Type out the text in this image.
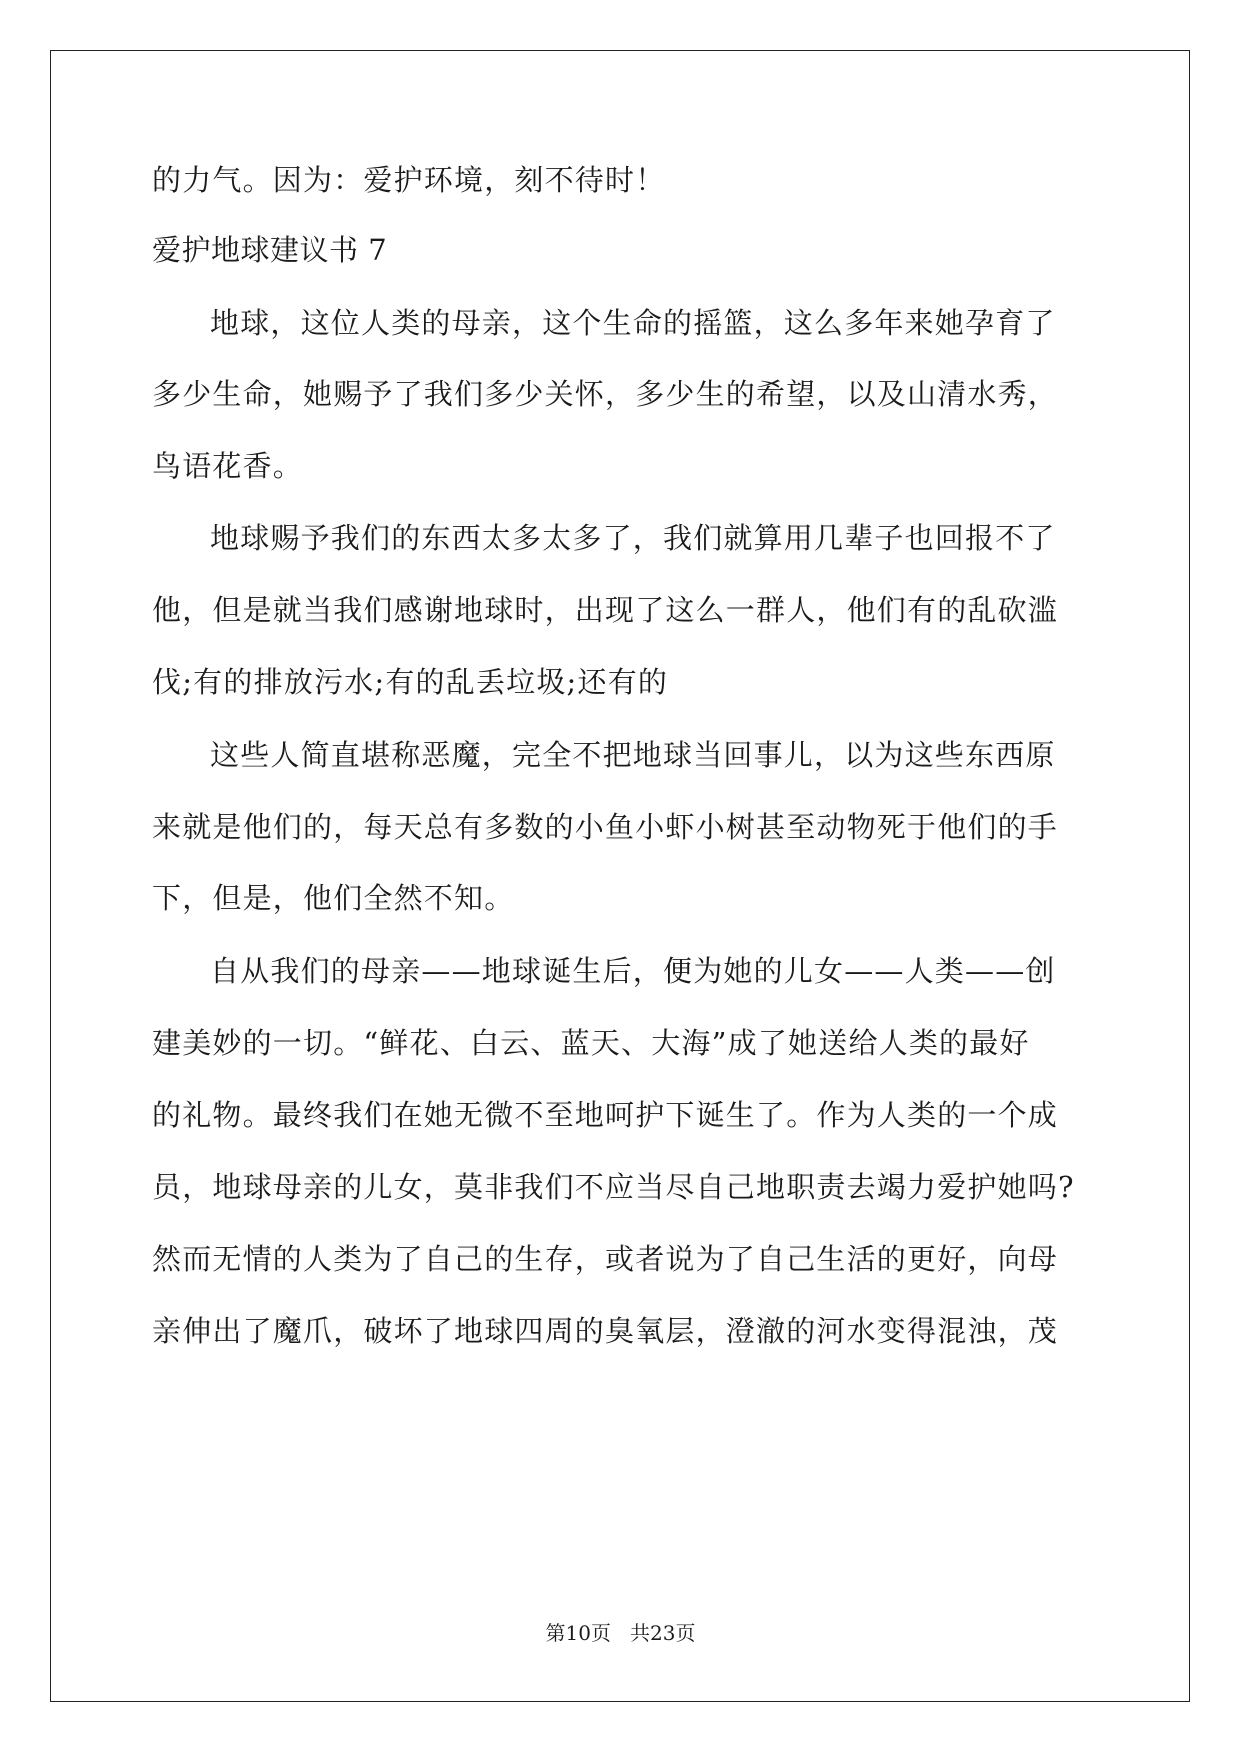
的力气。因为：爱护环境，刻不待时！
爱护地球建议书 7
地球，这位人类的母亲，这个生命的摇篮，这么多年来她孕育了
多少生命，她赐予了我们多少关怀，多少生的希望，以及山清水秀，
鸟语花香。
地球赐予我们的东西太多太多了，我们就算用几辈子也回报不了
他，但是就当我们感谢地球时，出现了这么一群人，他们有的乱砍滥
伐;有的排放污水;有的乱丢垃圾;还有的
这些人简直堪称恶魔，完全不把地球当回事儿，以为这些东西原
来就是他们的，每天总有多数的小鱼小虾小树甚至动物死于他们的手
下，但是，他们全然不知。
自从我们的母亲——地球诞生后，便为她的儿女——人类——创
建美妙的一切。“鲜花、白云、蓝天、大海”成了她送给人类的最好
的礼物。最终我们在她无微不至地呵护下诞生了。作为人类的一个成
员，地球母亲的儿女，莫非我们不应当尽自己地职责去竭力爱护她吗?
然而无情的人类为了自己的生存，或者说为了自己生活的更好，向母
亲伸出了魔爪，破坏了地球四周的臭氧层，澄澈的河水变得混浊，茂
第10页   共23页
